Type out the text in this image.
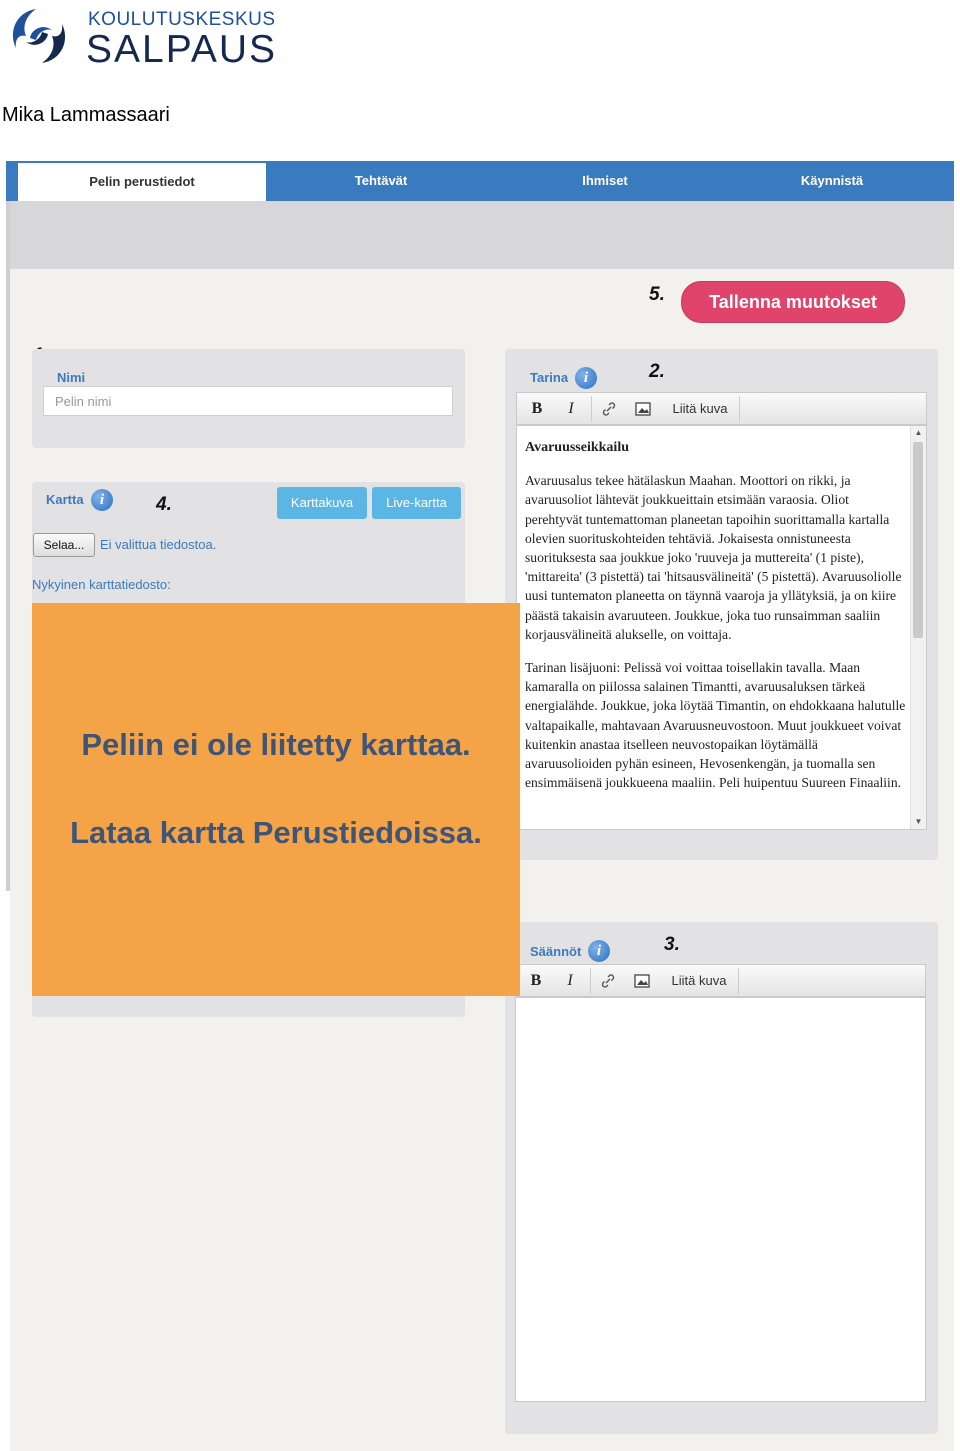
KOULUTUSKESKUS
SALPAUS
Mika Lammassaari
Pelin perustiedot	Tehtävät	Ihmiset	Käynnistä
5.	Tallenna muutokset
Nimi
Pelin nimi
Kartta	i	4.	Karttakuva	Live-kartta
Selaa...	Ei valittua tiedostoa.
Nykyinen karttatiedosto:
Tarina	i	2.
B	I	Liitä kuva
Avaruusseikkailu

Avaruusalus tekee hätälaskun Maahan. Moottori on rikki, ja avaruusoliot lähtevät joukkueittain etsimään varaosia. Oliot perehtyvät tuntemattoman planeetan tapoihin suorittamalla kartalla olevien suorituskohteiden tehtäviä. Jokaisesta onnistuneesta suorituksesta saa joukkue joko 'ruuveja ja muttereita' (1 piste), 'mittareita' (3 pistettä) tai 'hitsausvälineitä' (5 pistettä). Avaruusoliolle uusi tuntematon planeetta on täynnä vaaroja ja yllätyksiä, ja on kiire päästä takaisin avaruuteen. Joukkue, joka tuo runsaimman saaliin korjausvälineitä alukselle, on voittaja.

Tarinan lisäjuoni: Pelissä voi voittaa toisellakin tavalla. Maan kamaralla on piilossa salainen Timantti, avaruusaluksen tärkeä energialähde. Joukkue, joka löytää Timantin, on ehdokkaana halutulle valtapaikalle, mahtavaan Avaruusneuvostoon. Muut joukkueet voivat kuitenkin anastaa itselleen neuvostopaikan löytämällä avaruusolioiden pyhän esineen, Hevosenkengän, ja tuomalla sen ensimmäisenä joukkueena maaliin. Peli huipentuu Suureen Finaaliin.

▲
▼
Säännöt	i	3.
B	I	Liitä kuva
Peliin ei ole liitetty karttaa.
Lataa kartta Perustiedoissa.
